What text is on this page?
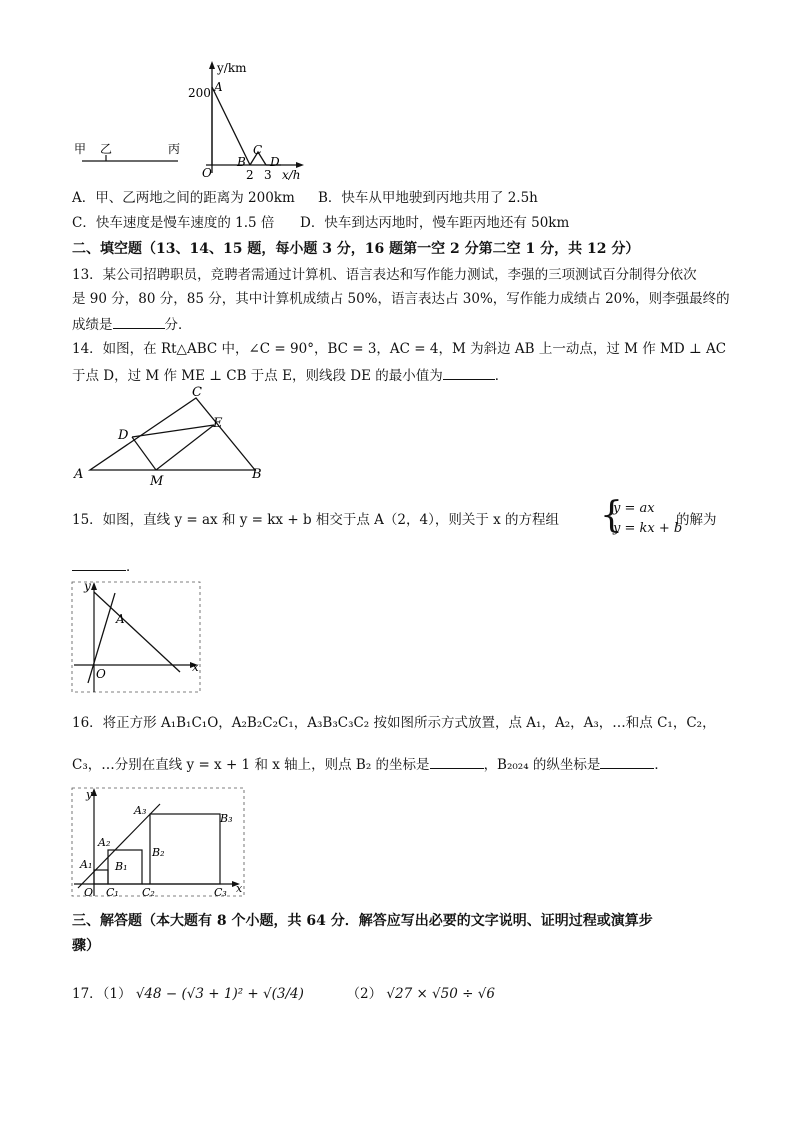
y/km
200 A
O
B
C
D
2 3 x/h
甲 乙	丙
A．甲、乙两地之间的距离为 200km B．快车从甲地驶到丙地共用了 2.5h
C．快车速度是慢车速度的 1.5 倍 D．快车到达丙地时，慢车距丙地还有 50km
二、填空题（13、14、15 题，每小题 3 分，16 题第一空 2 分第二空 1 分，共 12 分）
13．某公司招聘职员，竞聘者需通过计算机、语言表达和写作能力测试，李强的三项测试百分制得分依次
是 90 分，80 分，85 分，其中计算机成绩占 50%，语言表达占 30%，写作能力成绩占 20%，则李强最终的
成绩是	分．
14．如图，在 Rt△ABC 中，∠C = 90°，BC = 3，AC = 4，M 为斜边 AB 上一动点，过 M 作 MD ⊥ AC
于点 D，过 M 作 ME ⊥ CB 于点 E，则线段 DE 的最小值为	．
A	B
C
D
E
M
15．如图，直线 y = ax 和 y = kx + b 相交于点 A（2，4），则关于 x 的方程组 {
y = ax
y = kx + b
的解为
．
y
x
O
A
16．将正方形 A₁B₁C₁O，A₂B₂C₂C₁，A₃B₃C₃C₂ 按如图所示方式放置，点 A₁，A₂，A₃，…和点 C₁，C₂，
C₃，…分别在直线 y = x + 1 和 x 轴上，则点 B₂ 的坐标是	，B₂₀₂₄ 的纵坐标是	．
y
x
O
A₁
A₂
A₃
B₁
B₂
B₃
C₁ C₂	C₃
三、解答题（本大题有 8 个小题，共 64 分．解答应写出必要的文字说明、证明过程或演算步
骤）
17．（1） √48 − (√3 + 1)² + √(3/4)	（2） √27 × √50 ÷ √6
